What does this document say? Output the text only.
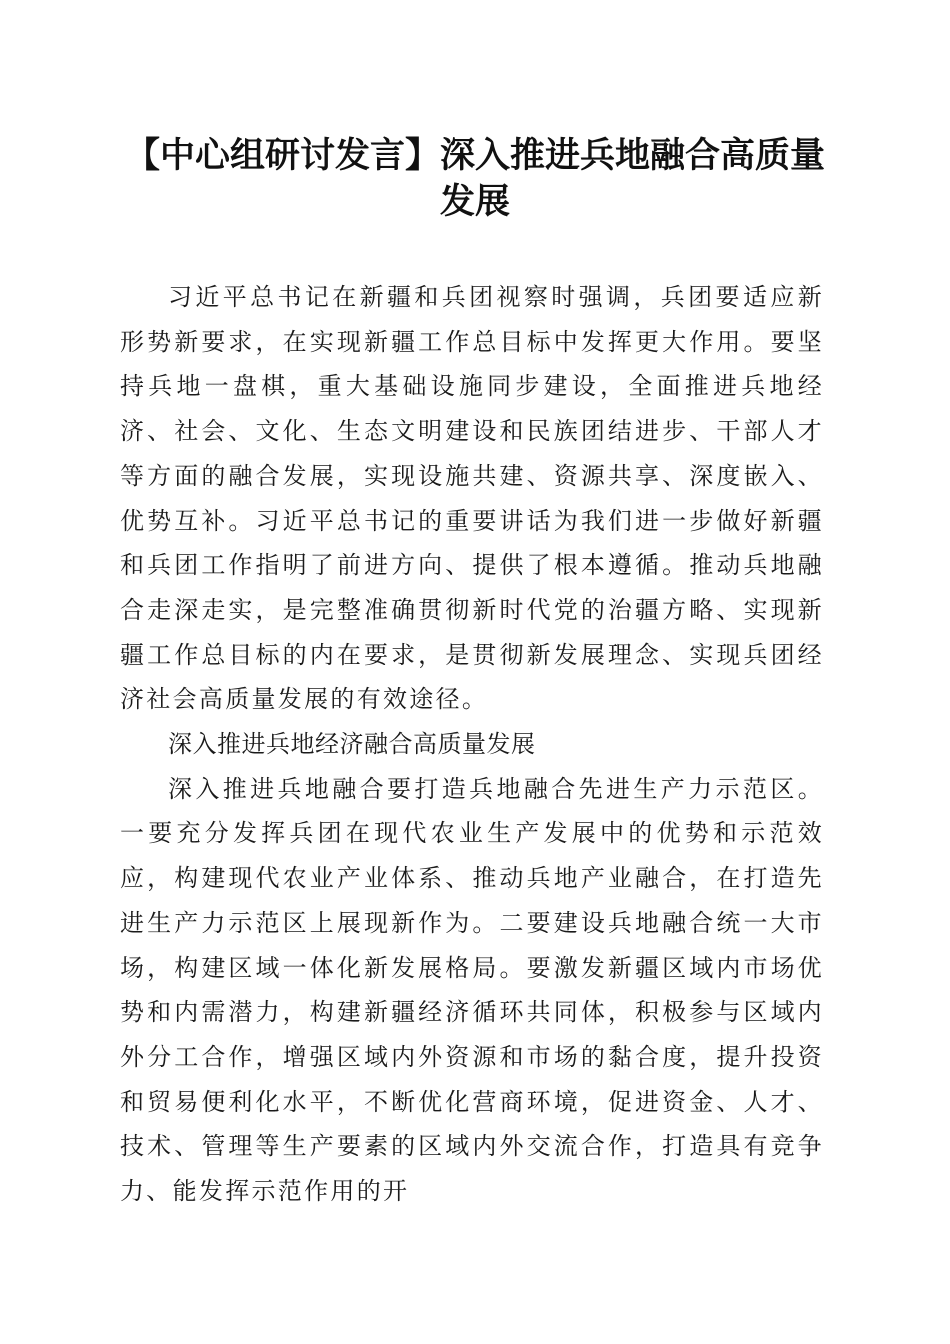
【中心组研讨发言】深入推进兵地融合高质量发展

习近平总书记在新疆和兵团视察时强调，兵团要适应新形势新要求，在实现新疆工作总目标中发挥更大作用。要坚持兵地一盘棋，重大基础设施同步建设，全面推进兵地经济、社会、文化、生态文明建设和民族团结进步、干部人才等方面的融合发展，实现设施共建、资源共享、深度嵌入、优势互补。习近平总书记的重要讲话为我们进一步做好新疆和兵团工作指明了前进方向、提供了根本遵循。推动兵地融合走深走实，是完整准确贯彻新时代党的治疆方略、实现新疆工作总目标的内在要求，是贯彻新发展理念、实现兵团经济社会高质量发展的有效途径。

深入推进兵地经济融合高质量发展

深入推进兵地融合要打造兵地融合先进生产力示范区。一要充分发挥兵团在现代农业生产发展中的优势和示范效应，构建现代农业产业体系、推动兵地产业融合，在打造先进生产力示范区上展现新作为。二要建设兵地融合统一大市场，构建区域一体化新发展格局。要激发新疆区域内市场优势和内需潜力，构建新疆经济循环共同体，积极参与区域内外分工合作，增强区域内外资源和市场的黏合度，提升投资和贸易便利化水平，不断优化营商环境，促进资金、人才、技术、管理等生产要素的区域内外交流合作，打造具有竞争力、能发挥示范作用的开
